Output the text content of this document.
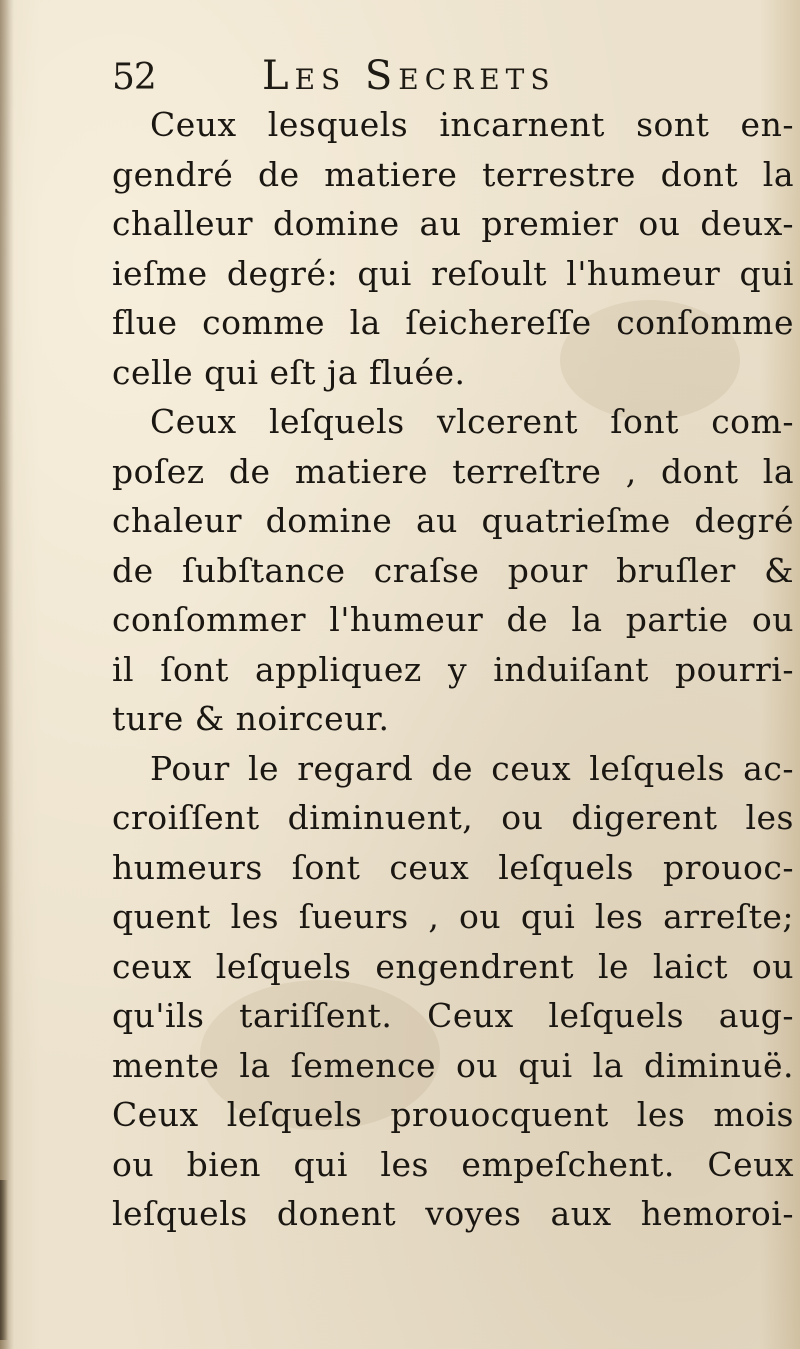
52	Les Secrets
Ceux lesquels incarnent sont en-
gendré de matiere terrestre dont la
challeur domine au premier ou deux-
ieſme degré: qui reſoult l'humeur qui
flue comme la ſeichereſſe conſomme
celle qui eſt ja fluée.
Ceux leſquels vlcerent ſont com-
poſez de matiere terreſtre , dont la
chaleur domine au quatrieſme degré
de ſubſtance craſse pour bruſler &
conſommer l'humeur de la partie ou
il ſont appliquez y induiſant pourri-
ture & noirceur.
Pour le regard de ceux leſquels ac-
croiſſent diminuent, ou digerent les
humeurs ſont ceux leſquels prouoc-
quent les ſueurs , ou qui les arreſte;
ceux leſquels engendrent le laict ou
qu'ils tariſſent. Ceux leſquels aug-
mente la ſemence ou qui la diminuë.
Ceux leſquels prouocquent les mois
ou bien qui les empeſchent. Ceux
leſquels donent voyes aux hemoroi-
